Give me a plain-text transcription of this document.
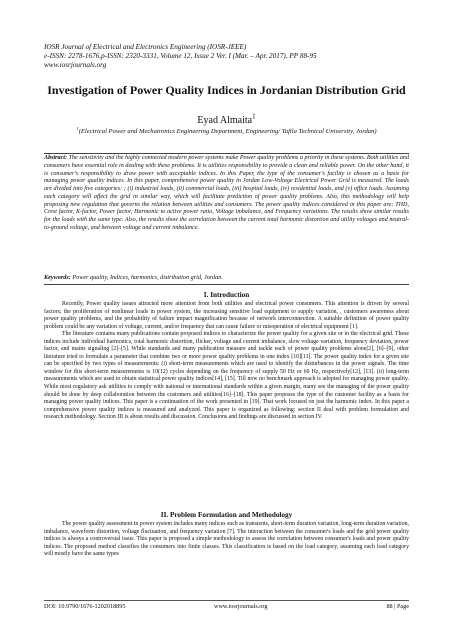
IOSR Journal of Electrical and Electronics Engineering (IOSR-JEEE)
e-ISSN: 2278-1676,p-ISSN: 2320-3331, Volume 12, Issue 2 Ver. I (Mar. – Apr. 2017), PP 88-95
www.iosrjournals.org
Investigation of Power Quality Indices in Jordanian Distribution Grid
Eyad Almaita$^1$
$^1$(Electrical Power and Mechatronics Engineering Department, Engineering/ Tafila Technical University, Jordan)
Abstract: The sensitivity and the highly connected modern power systems make Power quality problems a priority in these systems. Both utilities and consumers have essential role in dealing with these problems. It is utilities responsibility to provide a clean and reliable power. On the other hand, it is consumer's responsibility to draw power with acceptable indices. In this Paper, the type of the consumer's facility is chosen as a basis for managing power quality indices. In this paper, comprehensive power quality in Jordan Low-Voltage Electrical Power Grid is measured. The loads are divided into five categories: ; (i) industrial loads, (ii) commercial loads, (iii) hospital loads, (iv) residential loads, and (v) office loads. Assuming each category will affect the grid in similar way, which will facilitate prediction of power quality problems. Also, this methodology will help proposing new regulation that governs the relation between utilities and consumers. The power quality indices considered in this paper are; THD, Crest factor, K-factor, Power factor, Harmonic to active power ratio, Voltage imbalance, and Frequency variations. The results show similar results for the loads with the same type. Also, the results show the correlation between the current total harmonic distortion and utility voltages and neutral-to-ground voltage, and between voltage and current imbalance.
Keywords: Power quality, Indices, harmonics, distribution grid, Jordan.
I. Introduction

Recently, Power quality issues attracted more attention from both utilities and electrical power consumers. This attention is driven by several factors; the proliferation of nonlinear loads in power system, the increasing sensitive load equipment to supply variation, , customers awareness about power quality problems, and the probability of failure impact magnification because of network interconnection. A suitable definition of power quality problem could be any variation of voltage, current, and/or frequency that can cause failure or misoperation of electrical equipment [1].

The literature contains many publications contain proposed indices to characterize the power quality for a given site or in the electrical grid. These indices include individual harmonics, total harmonic distortion, flicker, voltage and current imbalance, slow voltage variation, frequency deviation, power factor, and mains signaling [2]–[5]. While standards and many publication measure and tackle each of power quality problems alone[2], [6]–[9], other literature tried to formulate a parameter that combine two or more power quality problems in one index [10][11]. The power quality index for a given site can be specified by two types of measurements: (i) short-term measurements which are used to identify the disturbances in the power signals. The time window for this short-term measurements is 10(12) cycles depending on the frequency of supply 50 Hz or 60 Hz, respectively[12], [13]. (ii) long-term measurements which are used to obtain statistical power quality indices[14], [15]. Till now no benchmark approach is adopted for managing power quality. While most regulatory ask utilities to comply with national or international standards within a given margin, many see the managing of the power quality should be done by deep collaboration between the customers and utilities[16]–[18]. This paper proposes the type of the customer facility as a basis for managing power quality indices. This paper is a continuation of the work presented in [19]. That work focused on just the harmonic index. In this paper a comprehensive power quality indices is measured and analyzed. This paper is organized as following: section II deal with problem formulation and research methodology. Section III is about results and discussion. Conclusions and findings are discussed in section IV.

II. Problem Formulation and Methodology

The power quality assessment in power system includes many indices such as transients, short-term duration variation, long-term duration variation, imbalance, waveform distortion, voltage fluctuation, and frequency variation [7]. The interaction between the consumer's loads and the grid power quality indices is always a controversial issue. This paper is proposed a simple methodology to assess the correlation between consumer's loads and power quality indices. The proposed method classifies the consumers into finite classes. This classification is based on the load category, assuming each load category will mostly have the same types

DOI: 10.9790/1676-1202018895	www.iosrjournals.org	88 | Page
